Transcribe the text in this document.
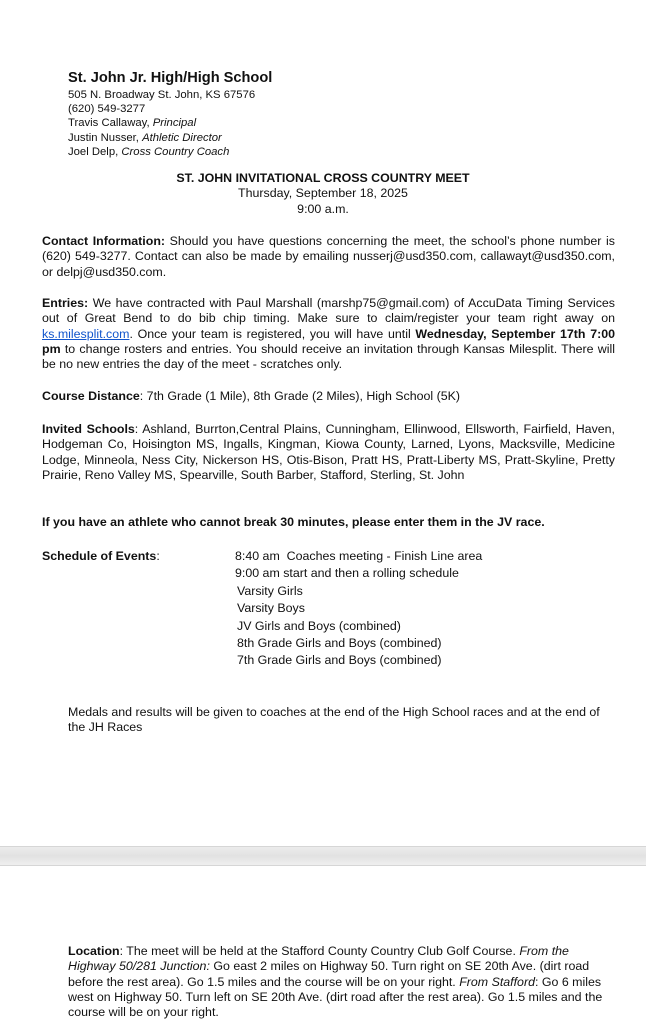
St. John Jr. High/High School
505 N. Broadway St. John, KS 67576
(620) 549-3277
Travis Callaway, Principal
Justin Nusser, Athletic Director
Joel Delp, Cross Country Coach
ST. JOHN INVITATIONAL CROSS COUNTRY MEET
Thursday, September 18, 2025
9:00 a.m.
Contact Information: Should you have questions concerning the meet, the school’s phone number is (620) 549-3277. Contact can also be made by emailing nusserj@usd350.com, callawayt@usd350.com, or delpj@usd350.com.
Entries: We have contracted with Paul Marshall (marshp75@gmail.com) of AccuData Timing Services out of Great Bend to do bib chip timing. Make sure to claim/register your team right away on ks.milesplit.com. Once your team is registered, you will have until Wednesday, September 17th 7:00 pm to change rosters and entries. You should receive an invitation through Kansas Milesplit. There will be no new entries the day of the meet - scratches only.
Course Distance: 7th Grade (1 Mile), 8th Grade (2 Miles), High School (5K)
Invited Schools: Ashland, Burrton,Central Plains, Cunningham, Ellinwood, Ellsworth, Fairfield, Haven, Hodgeman Co, Hoisington MS, Ingalls, Kingman, Kiowa County, Larned, Lyons, Macksville, Medicine Lodge, Minneola, Ness City, Nickerson HS, Otis-Bison, Pratt HS, Pratt-Liberty MS, Pratt-Skyline, Pretty Prairie, Reno Valley MS, Spearville, South Barber, Stafford, Sterling, St. John
If you have an athlete who cannot break 30 minutes, please enter them in the JV race.
Schedule of Events:	8:40 am  Coaches meeting - Finish Line area
9:00 am start and then a rolling schedule
Varsity Girls
Varsity Boys
JV Girls and Boys (combined)
8th Grade Girls and Boys (combined)
7th Grade Girls and Boys (combined)
Medals and results will be given to coaches at the end of the High School races and at the end of the JH Races
Location: The meet will be held at the Stafford County Country Club Golf Course. From the Highway 50/281 Junction: Go east 2 miles on Highway 50. Turn right on SE 20th Ave. (dirt road before the rest area). Go 1.5 miles and the course will be on your right. From Stafford: Go 6 miles west on Highway 50. Turn left on SE 20th Ave. (dirt road after the rest area). Go 1.5 miles and the course will be on your right.
